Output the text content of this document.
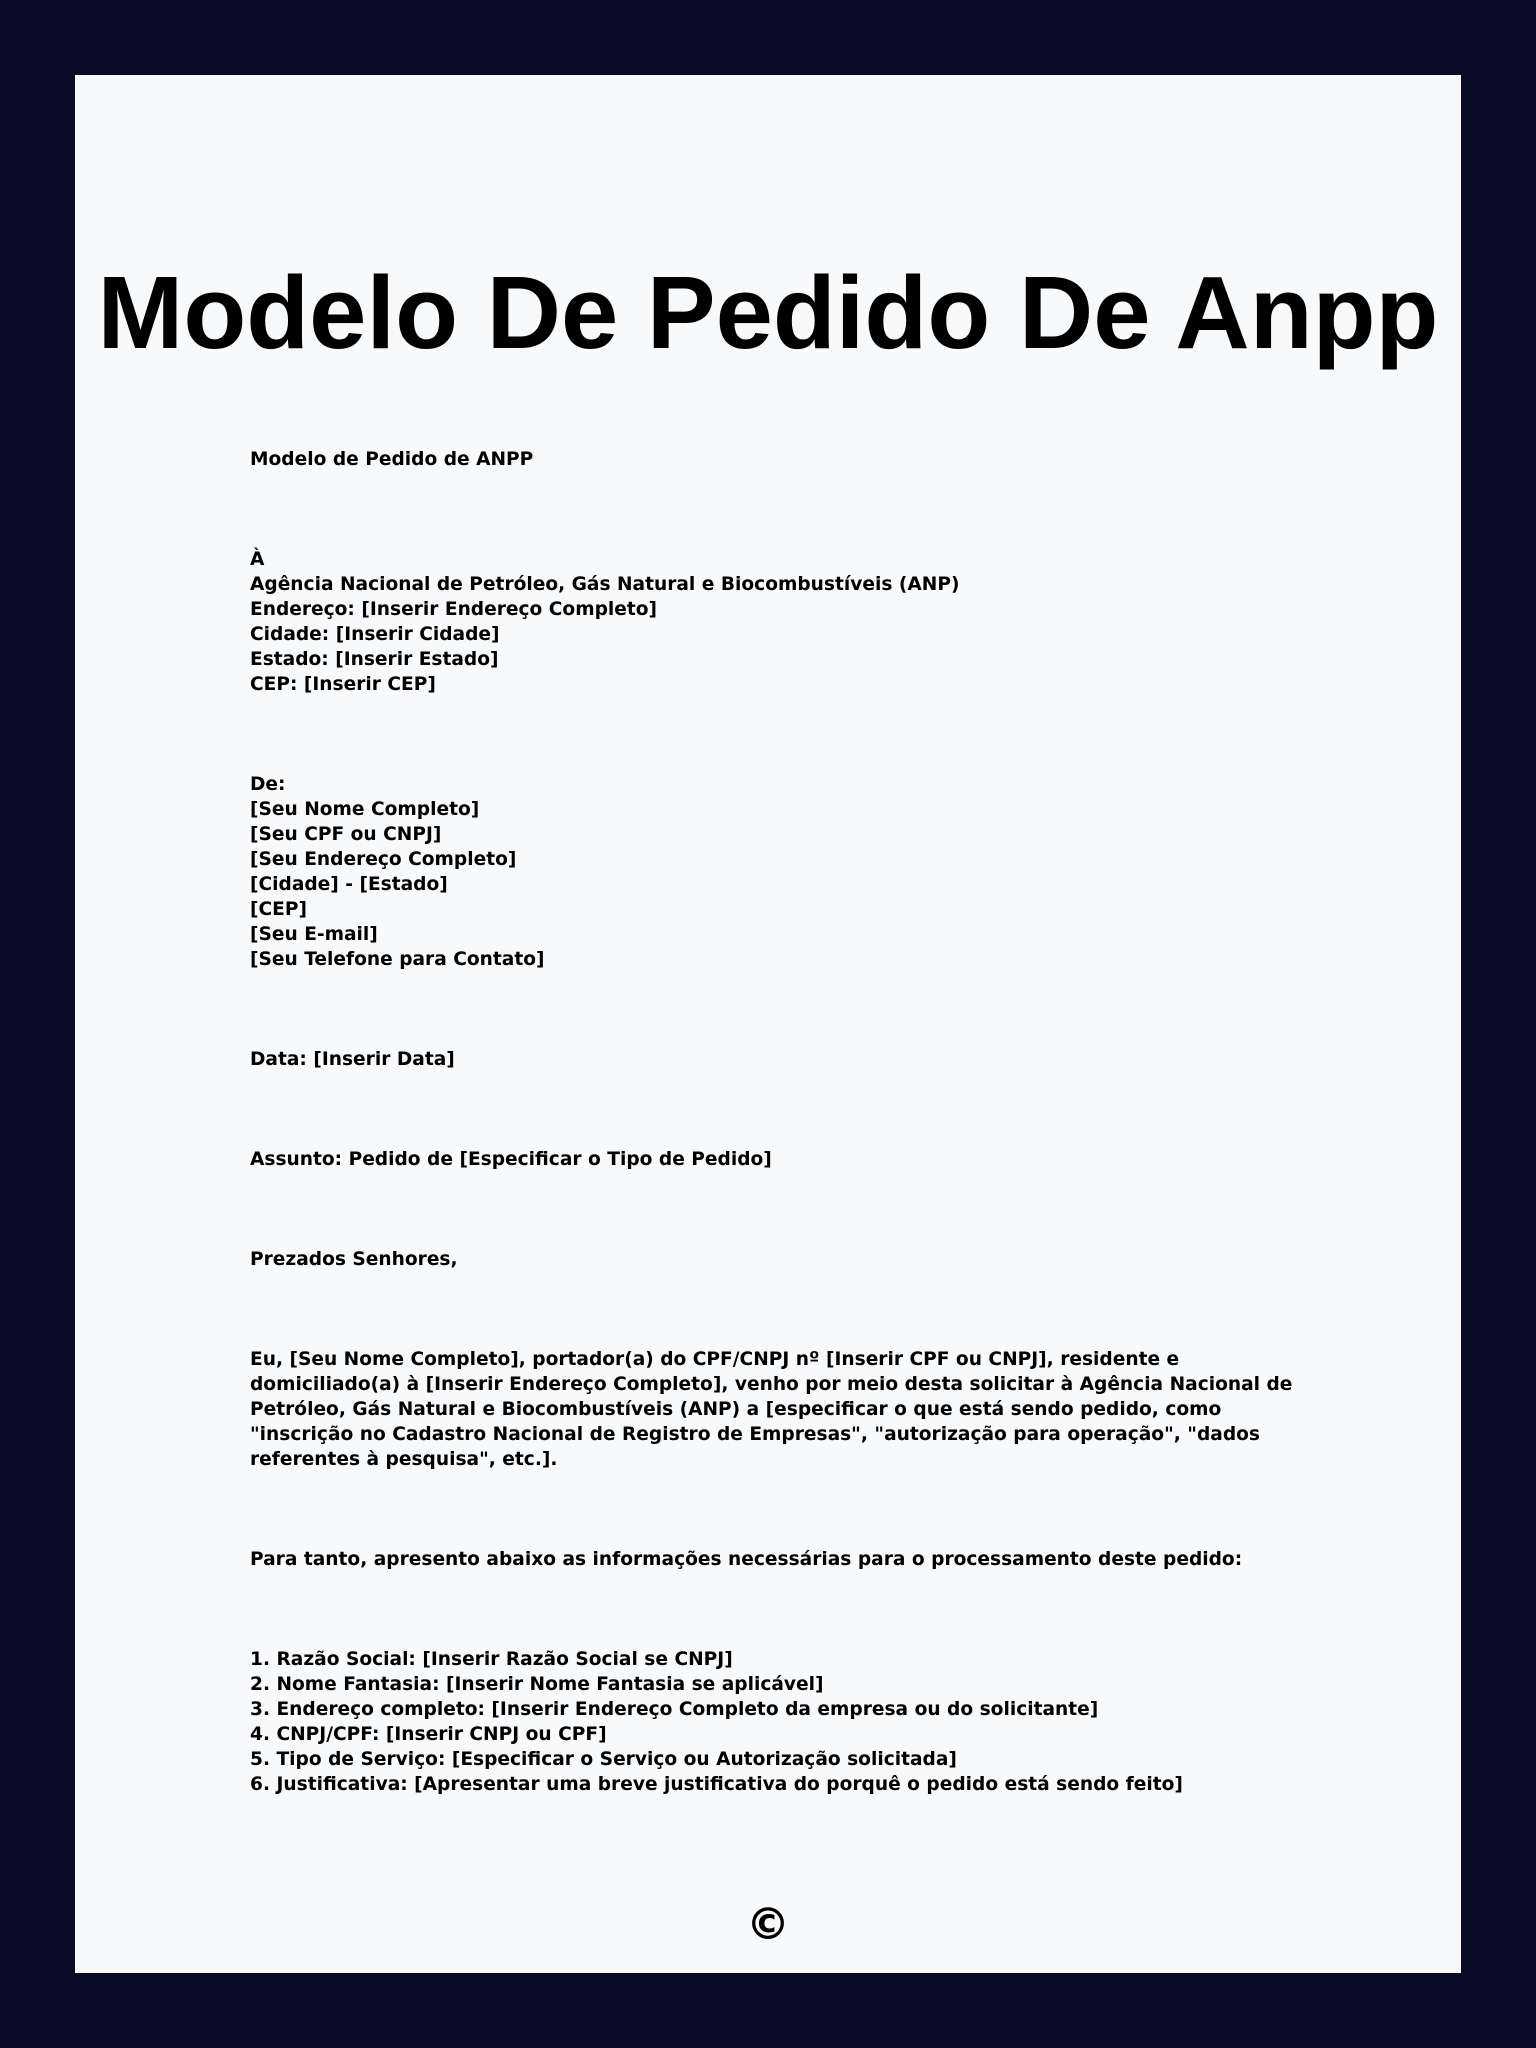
Modelo De Pedido De Anpp
Modelo de Pedido de ANPP
À
Agência Nacional de Petróleo, Gás Natural e Biocombustíveis (ANP)
Endereço: [Inserir Endereço Completo]
Cidade: [Inserir Cidade]
Estado: [Inserir Estado]
CEP: [Inserir CEP]
De:
[Seu Nome Completo]
[Seu CPF ou CNPJ]
[Seu Endereço Completo]
[Cidade] - [Estado]
[CEP]
[Seu E-mail]
[Seu Telefone para Contato]
Data: [Inserir Data]
Assunto: Pedido de [Especificar o Tipo de Pedido]
Prezados Senhores,
Eu, [Seu Nome Completo], portador(a) do CPF/CNPJ nº [Inserir CPF ou CNPJ], residente e domiciliado(a) à [Inserir Endereço Completo], venho por meio desta solicitar à Agência Nacional de Petróleo, Gás Natural e Biocombustíveis (ANP) a [especificar o que está sendo pedido, como "inscrição no Cadastro Nacional de Registro de Empresas", "autorização para operação", "dados referentes à pesquisa", etc.].
Para tanto, apresento abaixo as informações necessárias para o processamento deste pedido:
1. Razão Social: [Inserir Razão Social se CNPJ]
2. Nome Fantasia: [Inserir Nome Fantasia se aplicável]
3. Endereço completo: [Inserir Endereço Completo da empresa ou do solicitante]
4. CNPJ/CPF: [Inserir CNPJ ou CPF]
5. Tipo de Serviço: [Especificar o Serviço ou Autorização solicitada]
6. Justificativa: [Apresentar uma breve justificativa do porquê o pedido está sendo feito]
©
